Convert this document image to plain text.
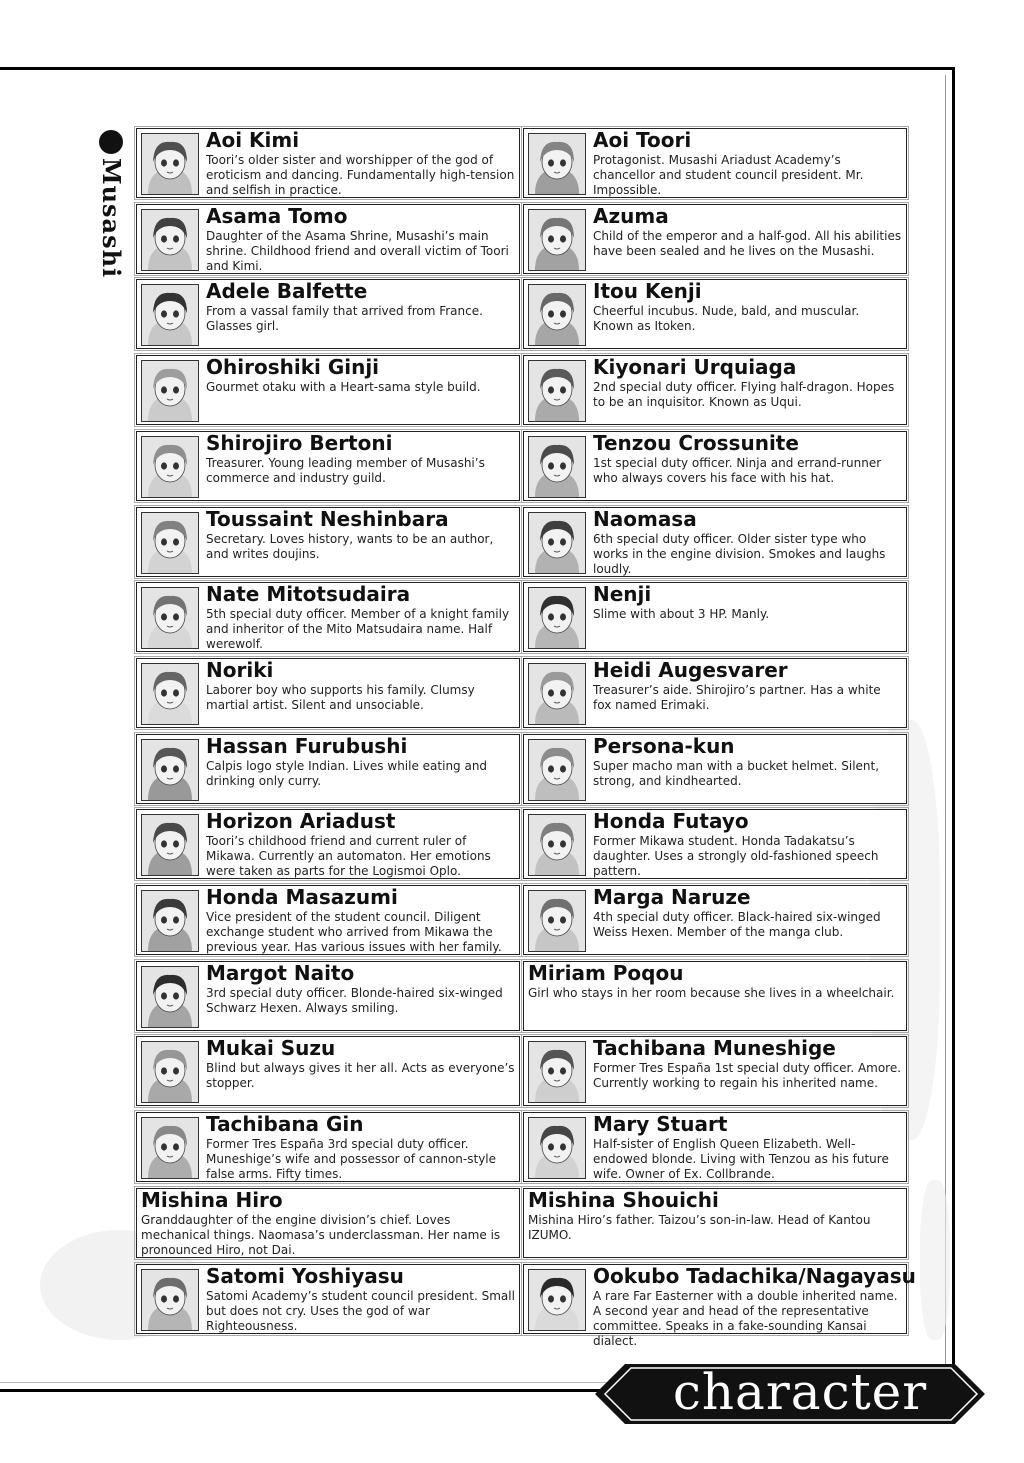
Musashi
Aoi Kimi
Toori’s older sister and worshipper of the god of eroticism and dancing. Fundamentally high-tension and selfish in practice.
Asama Tomo
Daughter of the Asama Shrine, Musashi’s main shrine. Childhood friend and overall victim of Toori and Kimi.
Adele Balfette
From a vassal family that arrived from France. Glasses girl.
Ohiroshiki Ginji
Gourmet otaku with a Heart-sama style build.
Shirojiro Bertoni
Treasurer. Young leading member of Musashi’s commerce and industry guild.
Toussaint Neshinbara
Secretary. Loves history, wants to be an author, and writes doujins.
Nate Mitotsudaira
5th special duty officer. Member of a knight family and inheritor of the Mito Matsudaira name. Half werewolf.
Noriki
Laborer boy who supports his family. Clumsy martial artist. Silent and unsociable.
Hassan Furubushi
Calpis logo style Indian. Lives while eating and drinking only curry.
Horizon Ariadust
Toori’s childhood friend and current ruler of Mikawa. Currently an automaton. Her emotions were taken as parts for the Logismoi Oplo.
Honda Masazumi
Vice president of the student council. Diligent exchange student who arrived from Mikawa the previous year. Has various issues with her family.
Margot Naito
3rd special duty officer. Blonde-haired six-winged Schwarz Hexen. Always smiling.
Mukai Suzu
Blind but always gives it her all. Acts as everyone’s stopper.
Tachibana Gin
Former Tres España 3rd special duty officer. Muneshige’s wife and possessor of cannon-style false arms. Fifty times.
Mishina Hiro
Granddaughter of the engine division’s chief. Loves mechanical things. Naomasa’s underclassman. Her name is pronounced Hiro, not Dai.
Satomi Yoshiyasu
Satomi Academy’s student council president. Small but does not cry. Uses the god of war Righteousness.
Aoi Toori
Protagonist. Musashi Ariadust Academy’s chancellor and student council president. Mr. Impossible.
Azuma
Child of the emperor and a half-god. All his abilities have been sealed and he lives on the Musashi.
Itou Kenji
Cheerful incubus. Nude, bald, and muscular. Known as Itoken.
Kiyonari Urquiaga
2nd special duty officer. Flying half-dragon. Hopes to be an inquisitor. Known as Uqui.
Tenzou Crossunite
1st special duty officer. Ninja and errand-runner who always covers his face with his hat.
Naomasa
6th special duty officer. Older sister type who works in the engine division. Smokes and laughs loudly.
Nenji
Slime with about 3 HP. Manly.
Heidi Augesvarer
Treasurer’s aide. Shirojiro’s partner. Has a white fox named Erimaki.
Persona-kun
Super macho man with a bucket helmet. Silent, strong, and kindhearted.
Honda Futayo
Former Mikawa student. Honda Tadakatsu’s daughter. Uses a strongly old-fashioned speech pattern.
Marga Naruze
4th special duty officer. Black-haired six-winged Weiss Hexen. Member of the manga club.
Miriam Poqou
Girl who stays in her room because she lives in a wheelchair.
Tachibana Muneshige
Former Tres España 1st special duty officer. Amore. Currently working to regain his inherited name.
Mary Stuart
Half-sister of English Queen Elizabeth. Well-endowed blonde. Living with Tenzou as his future wife. Owner of Ex. Collbrande.
Mishina Shouichi
Mishina Hiro’s father. Taizou’s son-in-law. Head of Kantou IZUMO.
Ookubo Tadachika/Nagayasu
A rare Far Easterner with a double inherited name. A second year and head of the representative committee. Speaks in a fake-sounding Kansai dialect.
character
